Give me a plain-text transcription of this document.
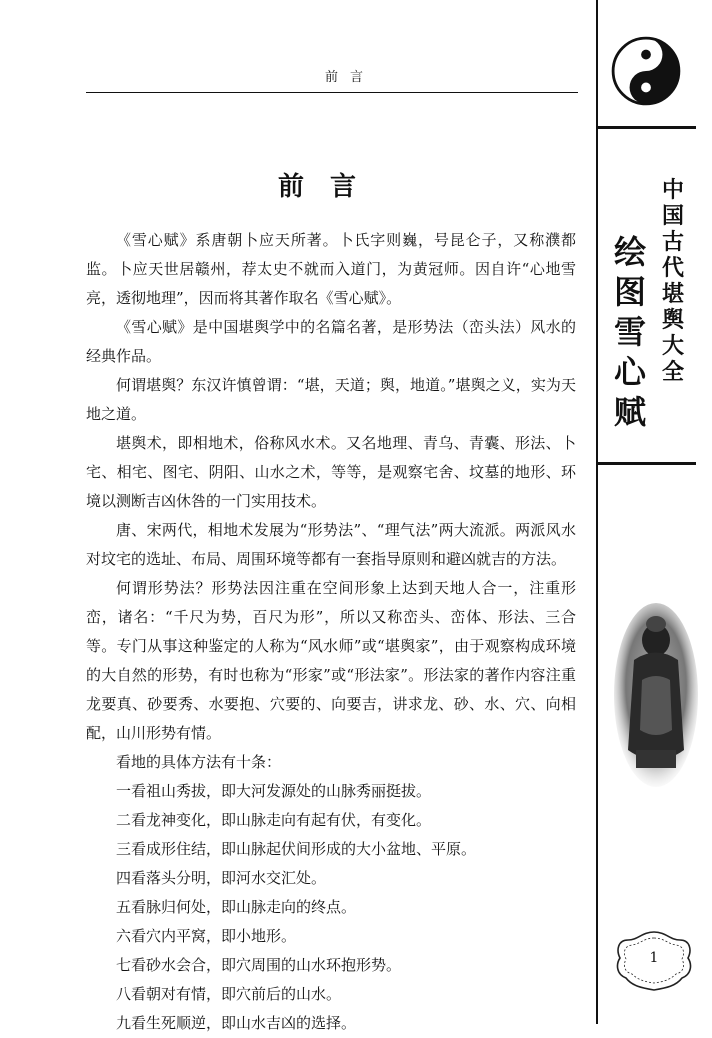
前言
前言

《雪心赋》系唐朝卜应天所著。卜氏字则巍，号昆仑子，又称濮都监。卜应天世居赣州，荐太史不就而入道门，为黄冠师。因自许“心地雪亮，透彻地理”，因而将其著作取名《雪心赋》。

《雪心赋》是中国堪舆学中的名篇名著，是形势法（峦头法）风水的经典作品。

何谓堪舆？东汉许慎曾谓：“堪，天道；舆，地道。”堪舆之义，实为天地之道。

堪舆术，即相地术，俗称风水术。又名地理、青乌、青囊、形法、卜宅、相宅、图宅、阴阳、山水之术，等等，是观察宅舍、坟墓的地形、环境以测断吉凶休咎的一门实用技术。

唐、宋两代，相地术发展为“形势法”、“理气法”两大流派。两派风水对坟宅的选址、布局、周围环境等都有一套指导原则和避凶就吉的方法。

何谓形势法？形势法因注重在空间形象上达到天地人合一，注重形峦，诸名：“千尺为势，百尺为形”，所以又称峦头、峦体、形法、三合等。专门从事这种鉴定的人称为“风水师”或“堪舆家”，由于观察构成环境的大自然的形势，有时也称为“形家”或“形法家”。形法家的著作内容注重龙要真、砂要秀、水要抱、穴要的、向要吉，讲求龙、砂、水、穴、向相配，山川形势有情。

看地的具体方法有十条：

一看祖山秀拔，即大河发源处的山脉秀丽挺拔。

二看龙神变化，即山脉走向有起有伏，有变化。

三看成形住结，即山脉起伏间形成的大小盆地、平原。

四看落头分明，即河水交汇处。

五看脉归何处，即山脉走向的终点。

六看穴内平窝，即小地形。

七看砂水会合，即穴周围的山水环抱形势。

八看朝对有情，即穴前后的山水。

九看生死顺逆，即山水吉凶的选择。

中国古代堪舆大全
绘图雪心赋
1
